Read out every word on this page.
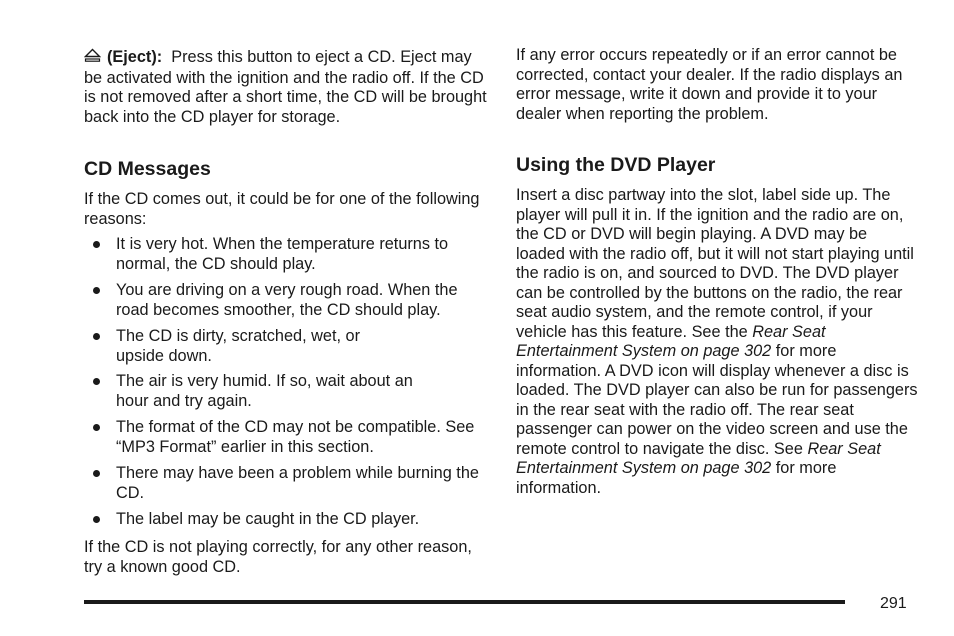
(Eject): Press this button to eject a CD. Eject may be activated with the ignition and the radio off. If the CD is not removed after a short time, the CD will be brought back into the CD player for storage.

CD Messages

If the CD comes out, it could be for one of the following reasons:

It is very hot. When the temperature returns to normal, the CD should play.
You are driving on a very rough road. When the road becomes smoother, the CD should play.
The CD is dirty, scratched, wet, or upside down.
The air is very humid. If so, wait about an hour and try again.
The format of the CD may not be compatible. See “MP3 Format” earlier in this section.
There may have been a problem while burning the CD.
The label may be caught in the CD player.

If the CD is not playing correctly, for any other reason, try a known good CD.

If any error occurs repeatedly or if an error cannot be corrected, contact your dealer. If the radio displays an error message, write it down and provide it to your dealer when reporting the problem.

Using the DVD Player

Insert a disc partway into the slot, label side up. The player will pull it in. If the ignition and the radio are on, the CD or DVD will begin playing. A DVD may be loaded with the radio off, but it will not start playing until the radio is on, and sourced to DVD. The DVD player can be controlled by the buttons on the radio, the rear seat audio system, and the remote control, if your vehicle has this feature. See the Rear Seat Entertainment System on page 302 for more information. A DVD icon will display whenever a disc is loaded. The DVD player can also be run for passengers in the rear seat with the radio off. The rear seat passenger can power on the video screen and use the remote control to navigate the disc. See Rear Seat Entertainment System on page 302 for more information.

291
